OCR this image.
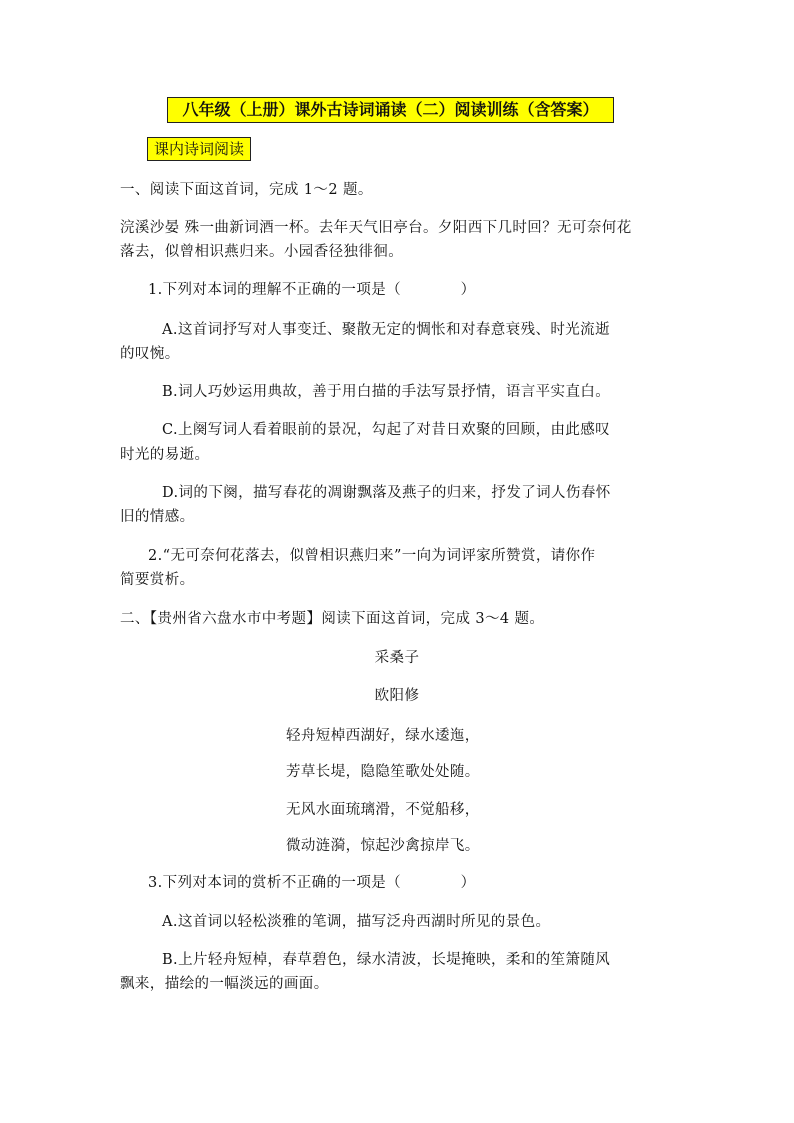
八年级（上册）课外古诗词诵读（二）阅读训练（含答案）
课内诗词阅读
一、阅读下面这首词，完成 1～2 题。
浣溪沙晏 殊一曲新词酒一杯。去年天气旧亭台。夕阳西下几时回？无可奈何花
落去，似曾相识燕归来。小园香径独徘徊。
1.下列对本词的理解不正确的一项是（　　　　）
A.这首词抒写对人事变迁、聚散无定的惆怅和对春意衰残、时光流逝
的叹惋。
B.词人巧妙运用典故，善于用白描的手法写景抒情，语言平实直白。
C.上阕写词人看着眼前的景况，勾起了对昔日欢聚的回顾，由此感叹
时光的易逝。
D.词的下阕，描写春花的凋谢飘落及燕子的归来，抒发了词人伤春怀
旧的情感。
2.“无可奈何花落去，似曾相识燕归来”一向为词评家所赞赏，请你作
简要赏析。
二、【贵州省六盘水市中考题】阅读下面这首词，完成 3～4 题。
采桑子
欧阳修
轻舟短棹西湖好，绿水逶迤，
芳草长堤，隐隐笙歌处处随。
无风水面琉璃滑，不觉船移，
微动涟漪，惊起沙禽掠岸飞。
3.下列对本词的赏析不正确的一项是（　　　　）
A.这首词以轻松淡雅的笔调，描写泛舟西湖时所见的景色。
B.上片轻舟短棹，春草碧色，绿水清波，长堤掩映，柔和的笙箫随风
飘来，描绘的一幅淡远的画面。
